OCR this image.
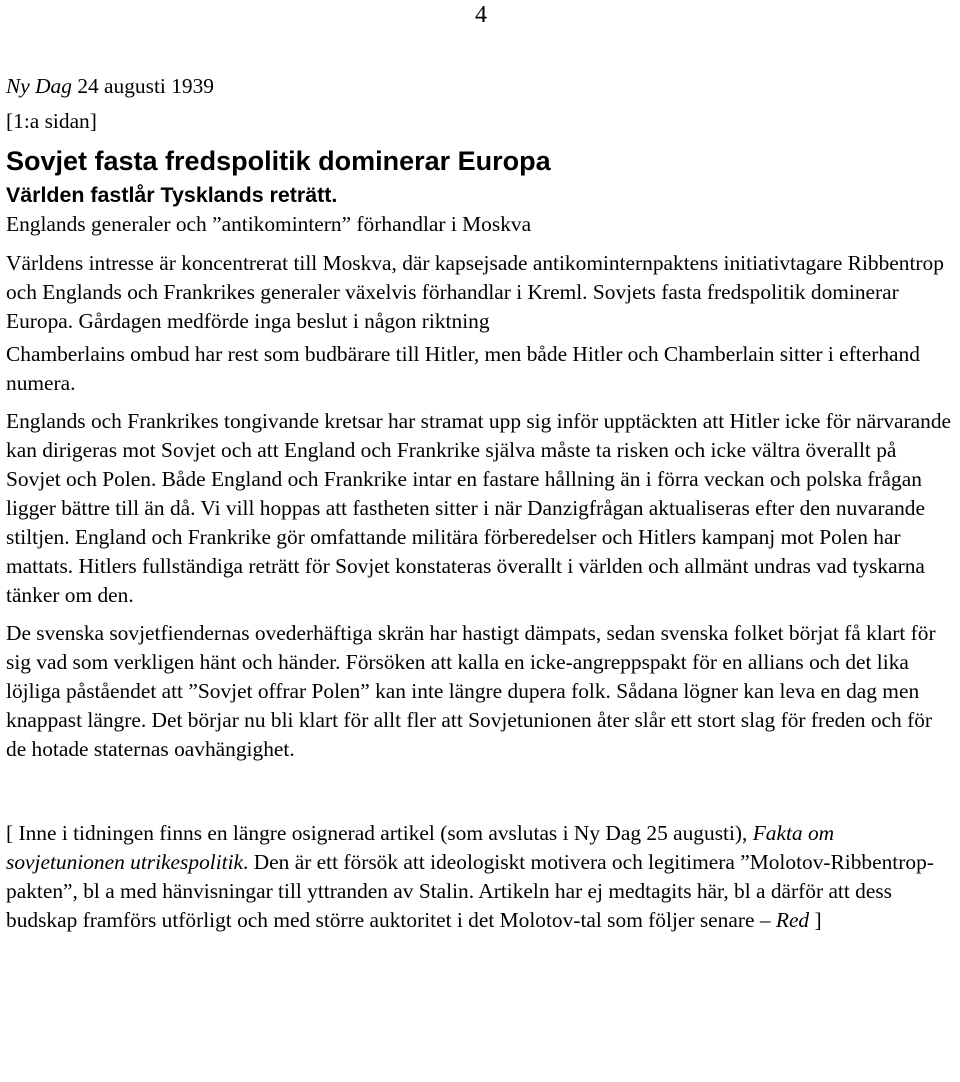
4
Ny Dag 24 augusti 1939
[1:a sidan]
Sovjet fasta fredspolitik dominerar Europa
Världen fastlår Tysklands reträtt.
Englands generaler och ”antikomintern” förhandlar i Moskva

Världens intresse är koncentrerat till Moskva, där kapsejsade antikominternpaktens initiativtagare Ribbentrop och Englands och Frankrikes generaler växelvis förhandlar i Kreml. Sovjets fasta fredspolitik dominerar Europa. Gårdagen medförde inga beslut i någon riktning

Chamberlains ombud har rest som budbärare till Hitler, men både Hitler och Chamberlain sitter i efterhand numera.

Englands och Frankrikes tongivande kretsar har stramat upp sig inför upptäckten att Hitler icke för närvarande kan dirigeras mot Sovjet och att England och Frankrike själva måste ta risken och icke vältra överallt på Sovjet och Polen. Både England och Frankrike intar en fastare hållning än i förra veckan och polska frågan ligger bättre till än då. Vi vill hoppas att fastheten sitter i när Danzigfrågan aktualiseras efter den nuvarande stiltjen. England och Frankrike gör omfattande militära förberedelser och Hitlers kampanj mot Polen har mattats. Hitlers fullständiga reträtt för Sovjet konstateras överallt i världen och allmänt undras vad tyskarna tänker om den.

De svenska sovjetfiendernas ovederhäftiga skrän har hastigt dämpats, sedan svenska folket börjat få klart för sig vad som verkligen hänt och händer. Försöken att kalla en icke-angreppspakt för en allians och det lika löjliga påståendet att ”Sovjet offrar Polen” kan inte längre dupera folk. Sådana lögner kan leva en dag men knappast längre. Det börjar nu bli klart för allt fler att Sovjetunionen åter slår ett stort slag för freden och för de hotade staternas oavhängighet.

[ Inne i tidningen finns en längre osignerad artikel (som avslutas i Ny Dag 25 augusti), Fakta om sovjetunionen utrikespolitik. Den är ett försök att ideologiskt motivera och legitimera ”Molotov-Ribbentrop-pakten”, bl a med hänvisningar till yttranden av Stalin. Artikeln har ej medtagits här, bl a därför att dess budskap framförs utförligt och med större auktoritet i det Molotov-tal som följer senare – Red ]
